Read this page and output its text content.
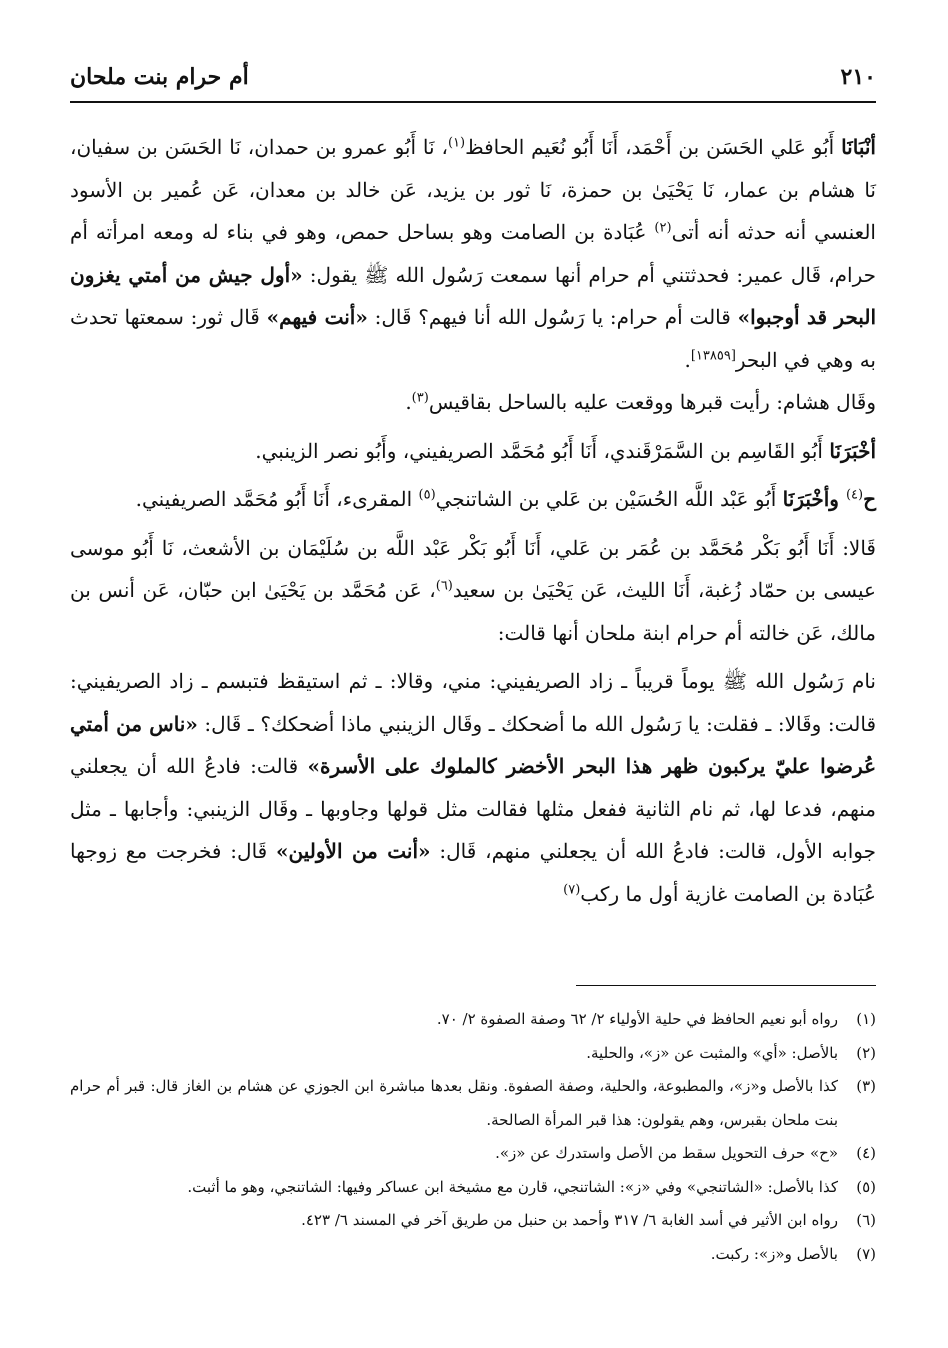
٢١٠
أم حرام بنت ملحان

أنْبَانَا أَبُو عَلي الحَسَن بن أَحْمَد، أَنَا أَبُو نُعَيم الحافظ$^{(١)}$، نَا أَبُو عمرو بن حمدان، نَا الحَسَن بن سفيان، نَا هشام بن عمار، نَا يَحْيَىٰ بن حمزة، نَا ثور بن يزيد، عَن خالد بن معدان، عَن عُمير بن الأسود العنسي أنه حدثه أنه أتى$^{(٢)}$ عُبَادة بن الصامت وهو بساحل حمص، وهو في بناء له ومعه امرأته أم حرام، قَال عمير: فحدثتني أم حرام أنها سمعت رَسُول الله ﷺ يقول: «أول جيش من أمتي يغزون البحر قد أوجبوا» قالت أم حرام: يا رَسُول الله أنا فيهم؟ قَال: «أنت فيهم» قَال ثور: سمعتها تحدث به وهي في البحر[١٣٨٥٩].

وقَال هشام: رأيت قبرها ووقعت عليه بالساحل بقاقيس$^{(٣)}$.

أخْبَرَنَا أَبُو القَاسِم بن السَّمَرْقَندي، أَنَا أَبُو مُحَمَّد الصريفيني، وأَبُو نصر الزينبي.

ح$^{(٤)}$ وأخْبَرَنَا أَبُو عَبْد اللَّه الحُسَيْن بن عَلي بن الشاتنجي$^{(٥)}$ المقرىء، أَنَا أَبُو مُحَمَّد الصريفيني.

قَالا: أَنَا أَبُو بَكْر مُحَمَّد بن عُمَر بن عَلي، أَنَا أَبُو بَكْر عَبْد اللَّه بن سُلَيْمَان بن الأشعث، نَا أَبُو موسى عيسى بن حمّاد زُغبة، أَنَا الليث، عَن يَحْيَىٰ بن سعيد$^{(٦)}$، عَن مُحَمَّد بن يَحْيَىٰ ابن حبّان، عَن أنس بن مالك، عَن خالته أم حرام ابنة ملحان أنها قالت:

نام رَسُول الله ﷺ يوماً قريباً ـ زاد الصريفيني: مني، وقالا: ـ ثم استيقظ فتبسم ـ زاد الصريفيني: قالت: وقَالا: ـ فقلت: يا رَسُول الله ما أضحكك ـ وقَال الزينبي ماذا أضحكك؟ ـ قَال: «ناس من أمتي عُرضوا عليّ يركبون ظهر هذا البحر الأخضر كالملوك على الأسرة» قالت: فادعُ الله أن يجعلني منهم، فدعا لها، ثم نام الثانية ففعل مثلها فقالت مثل قولها وجاوبها ـ وقَال الزينبي: وأجابها ـ مثل جوابه الأول، قالت: فادعُ الله أن يجعلني منهم، قَال: «أنت من الأولين» قَال: فخرجت مع زوجها عُبَادة بن الصامت غازية أول ما ركب$^{(٧)}$

(١)
رواه أبو نعيم الحافظ في حلية الأولياء ٢/ ٦٢ وصفة الصفوة ٢/ ٧٠.
(٢)
بالأصل: «أي» والمثبت عن «ز»، والحلية.
(٣)
كذا بالأصل و«ز»، والمطبوعة، والحلية، وصفة الصفوة. ونقل بعدها مباشرة ابن الجوزي عن هشام بن الغاز قال: قبر أم حرام بنت ملحان بقبرس، وهم يقولون: هذا قبر المرأة الصالحة.
(٤)
«ح» حرف التحويل سقط من الأصل واستدرك عن «ز».
(٥)
كذا بالأصل: «الشاتنجي» وفي «ز»: الشاتنجي، قارن مع مشيخة ابن عساكر وفيها: الشاتنجي، وهو ما أثبت.
(٦)
رواه ابن الأثير في أسد الغابة ٦/ ٣١٧ وأحمد بن حنبل من طريق آخر في المسند ٦/ ٤٢٣.
(٧)
بالأصل و«ز»: ركبت.
